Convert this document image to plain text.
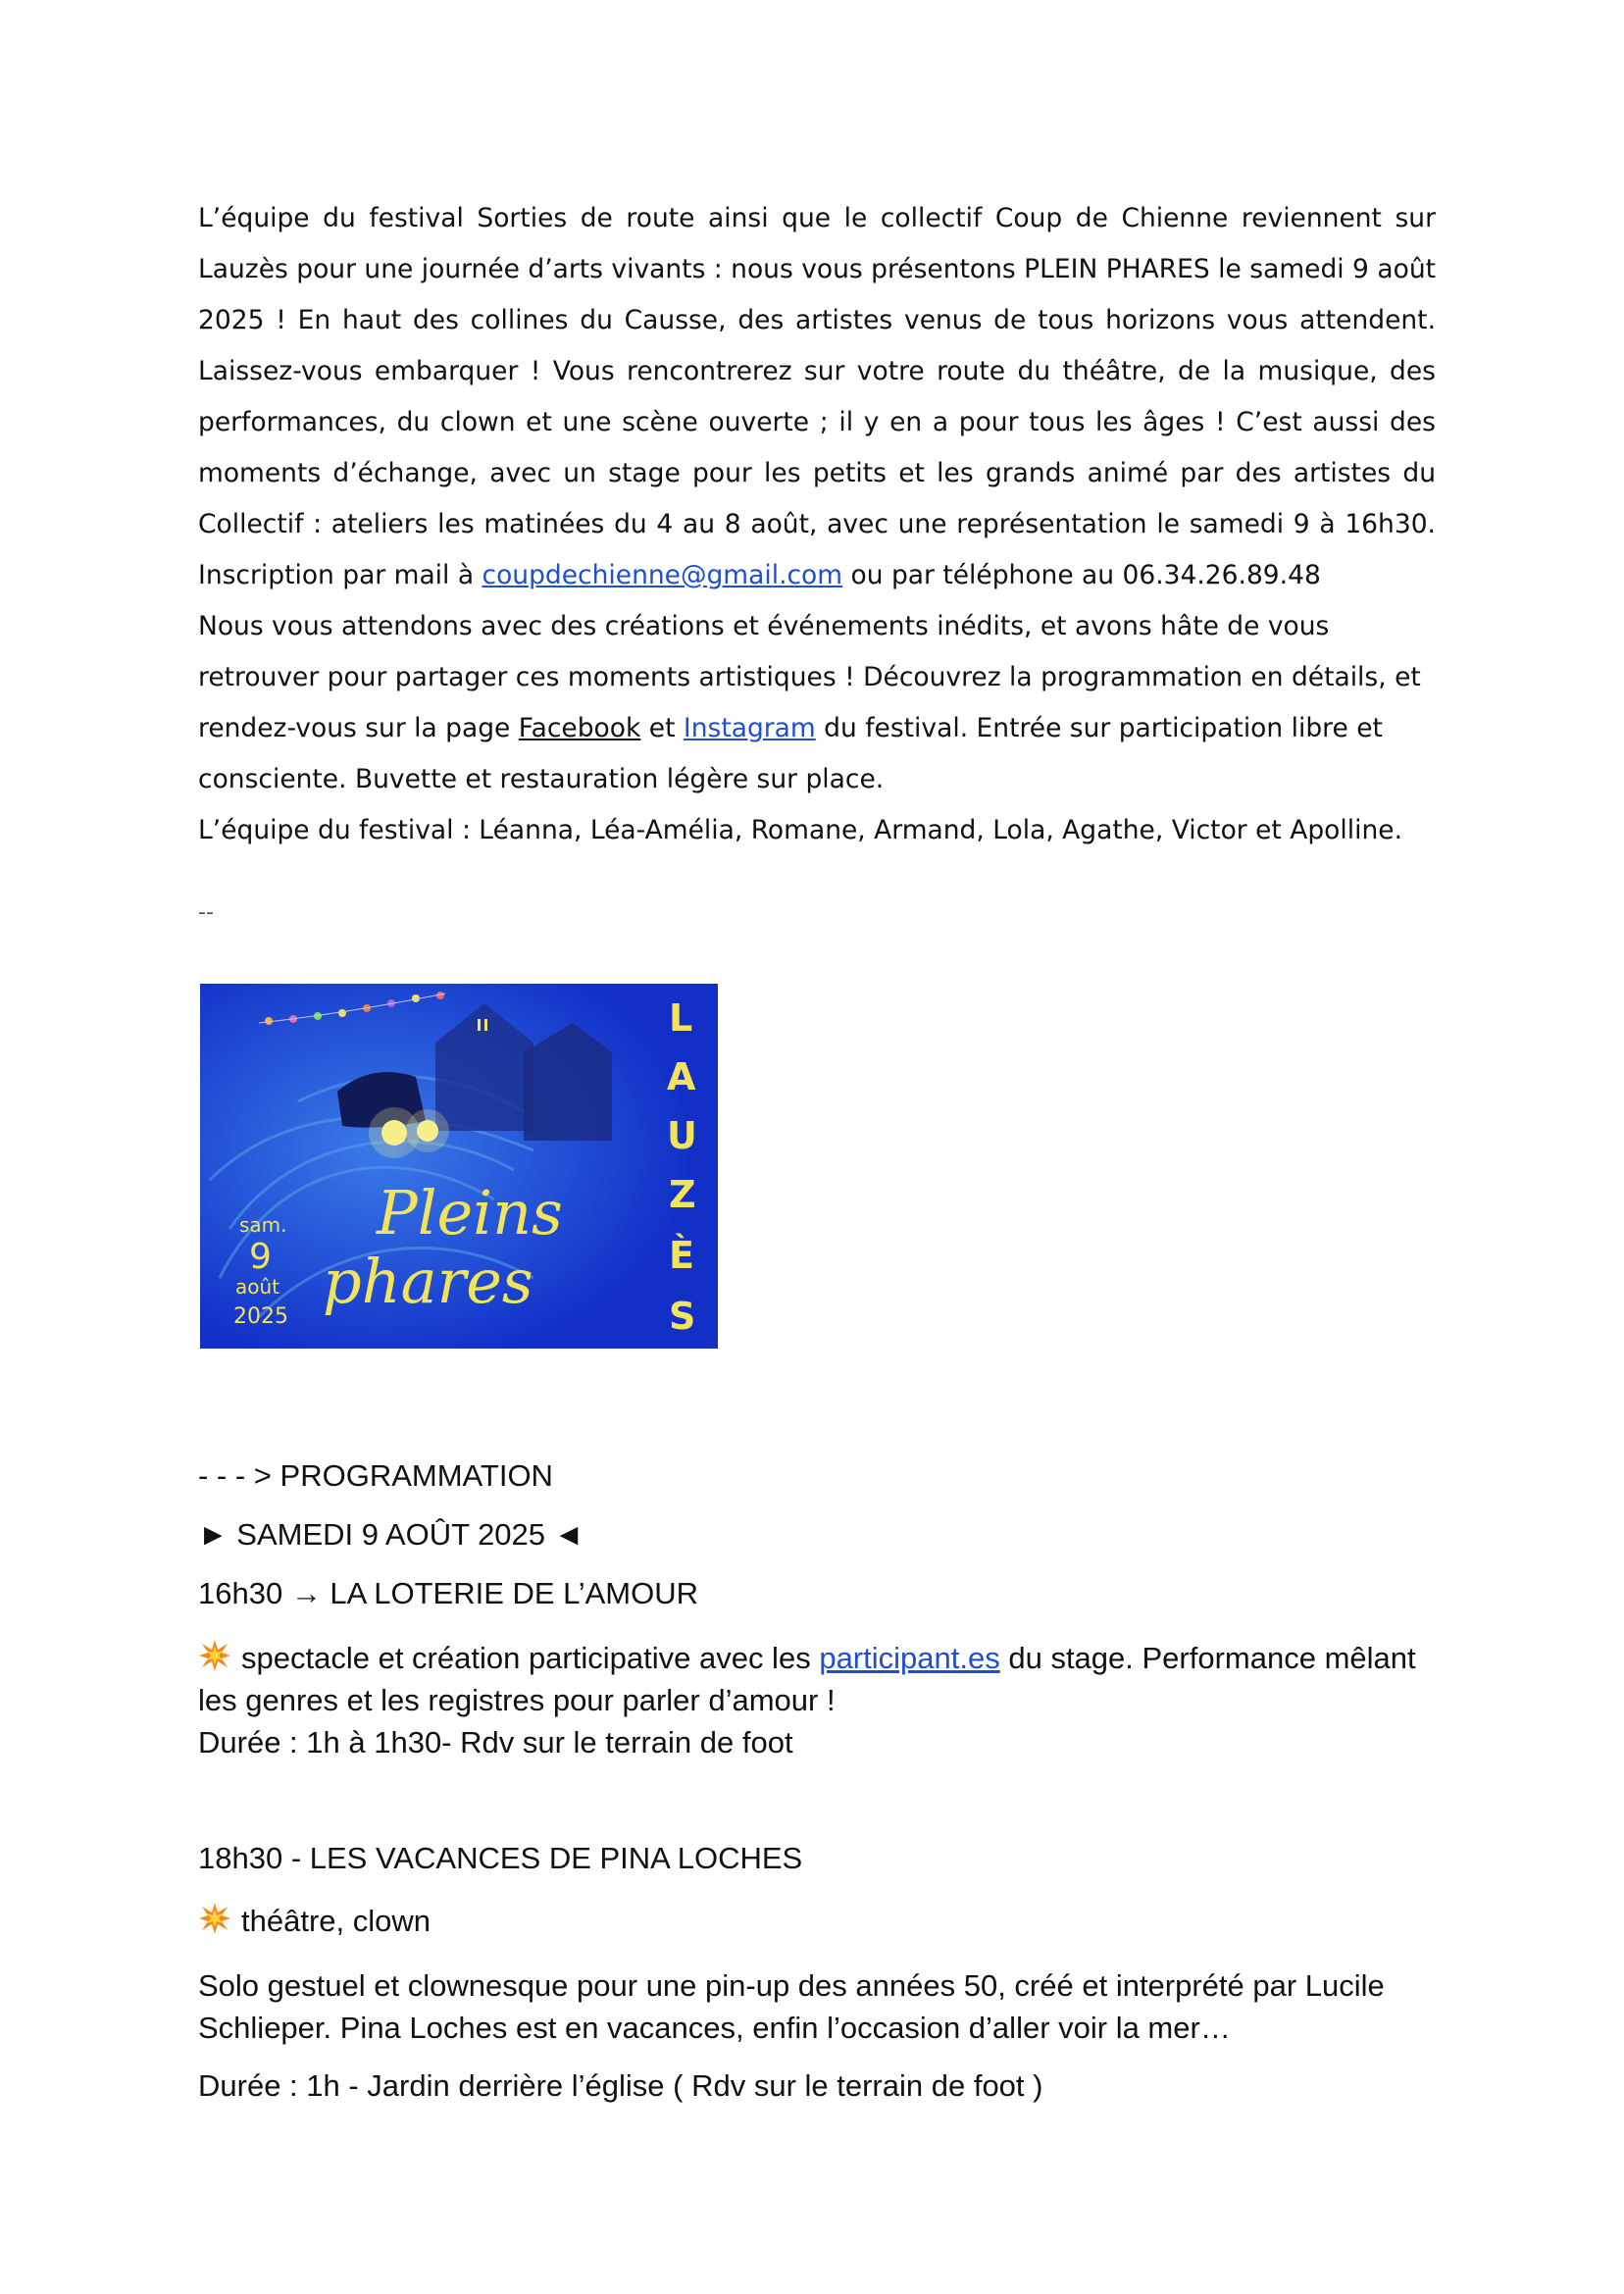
L’équipe du festival Sorties de route ainsi que le collectif Coup de Chienne reviennent sur Lauzès pour une journée d’arts vivants : nous vous présentons PLEIN PHARES le samedi 9 août 2025 ! En haut des collines du Causse, des artistes venus de tous horizons vous attendent. Laissez-vous embarquer ! Vous rencontrerez sur votre route du théâtre, de la musique, des performances, du clown et une scène ouverte ; il y en a pour tous les âges ! C’est aussi des moments d’échange, avec un stage pour les petits et les grands animé par des artistes du Collectif : ateliers les matinées du 4 au 8 août, avec une représentation le samedi 9 à 16h30. Inscription par mail à coupdechienne@gmail.com ou par téléphone au 06.34.26.89.48

Nous vous attendons avec des créations et événements inédits, et avons hâte de vous retrouver pour partager ces moments artistiques ! Découvrez la programmation en détails, et rendez-vous sur la page Facebook et Instagram du festival. Entrée sur participation libre et consciente. Buvette et restauration légère sur place.

L’équipe du festival : Léanna, Léa-Amélia, Romane, Armand, Lola, Agathe, Victor et Apolline.

--
Pleins
phares
sam.
9
août
2025
L
A
U
Z
È
S
- - - > PROGRAMMATION
► SAMEDI 9 AOÛT 2025 ◄
16h30 → LA LOTERIE DE L’AMOUR

spectacle et création participative avec les participant.es du stage. Performance mêlant les genres et les registres pour parler d’amour !

Durée : 1h à 1h30- Rdv sur le terrain de foot

18h30 - LES VACANCES DE PINA LOCHES
théâtre, clown
Solo gestuel et clownesque pour une pin-up des années 50, créé et interprété par Lucile Schlieper. Pina Loches est en vacances, enfin l’occasion d’aller voir la mer…
Durée : 1h - Jardin derrière l’église ( Rdv sur le terrain de foot )
